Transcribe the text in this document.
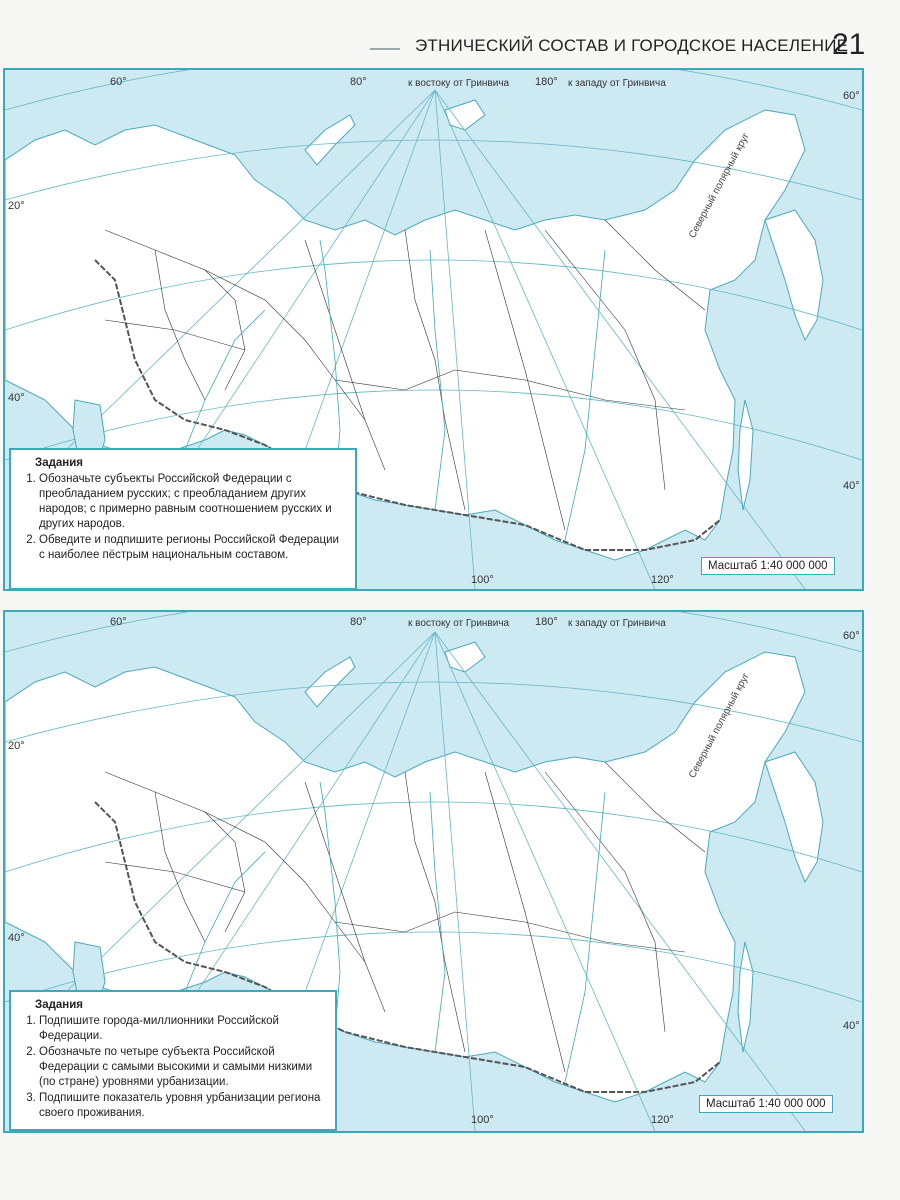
ЭТНИЧЕСКИЙ СОСТАВ И ГОРОДСКОЕ НАСЕЛЕНИЕ
21
60°	80°	к востоку от Гринвича 180° к западу от Гринвича
20°
40°
60°
40°
100°	120°
Северный полярный круг
Задания
1. Обозначьте субъекты Российской Федерации с преобладанием русских; с преобладанием других народов; с примерно равным соотношением русских и других народов.
2. Обведите и подпишите регионы Российской Федерации с наиболее пёстрым национальным составом.
Масштаб 1:40 000 000
60°	80°	к востоку от Гринвича 180° к западу от Гринвича
20°
40°
60°
40°
100°	120°
Северный полярный круг
Задания
1. Подпишите города-миллионники Российской Федерации.
2. Обозначьте по четыре субъекта Российской Федерации с самыми высокими и самыми низкими (по стране) уровнями урбанизации.
3. Подпишите показатель уровня урбанизации региона своего проживания.
Масштаб 1:40 000 000
